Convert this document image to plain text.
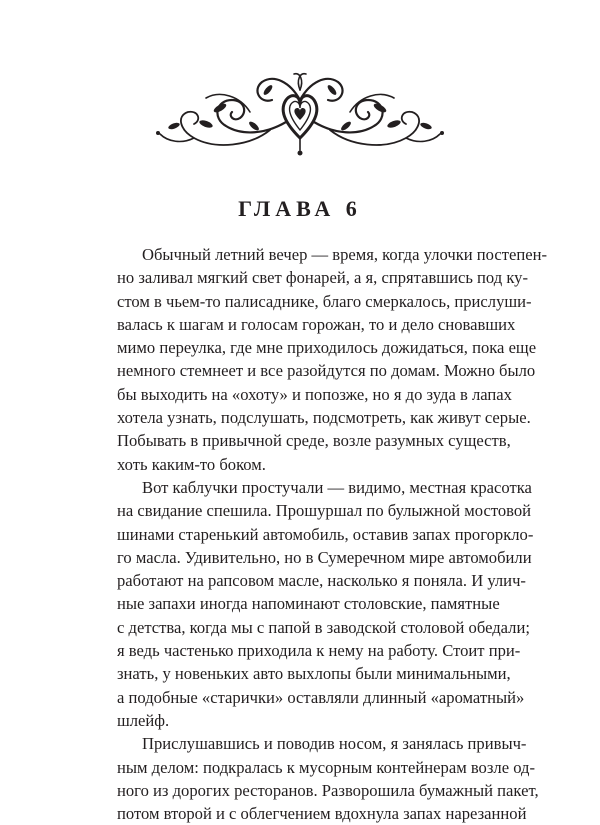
ГЛАВА 6
Обычный летний вечер — время, когда улочки постепен-
но заливал мягкий свет фонарей, а я, спрятавшись под ку-
стом в чьем-то палисаднике, благо смеркалось, прислуши-
валась к шагам и голосам горожан, то и дело сновавших
мимо переулка, где мне приходилось дожидаться, пока еще
немного стемнеет и все разойдутся по домам. Можно было
бы выходить на «охоту» и попозже, но я до зуда в лапах
хотела узнать, подслушать, подсмотреть, как живут серые.
Побывать в привычной среде, возле разумных существ,
хоть каким-то боком.
Вот каблучки простучали — видимо, местная красотка
на свидание спешила. Прошуршал по булыжной мостовой
шинами старенький автомобиль, оставив запах прогоркло-
го масла. Удивительно, но в Сумеречном мире автомобили
работают на рапсовом масле, насколько я поняла. И улич-
ные запахи иногда напоминают столовские, памятные
с детства, когда мы с папой в заводской столовой обедали;
я ведь частенько приходила к нему на работу. Стоит при-
знать, у новеньких авто выхлопы были минимальными,
а подобные «старички» оставляли длинный «ароматный»
шлейф.
Прислушавшись и поводив носом, я занялась привыч-
ным делом: подкралась к мусорным контейнерам возле од-
ного из дорогих ресторанов. Разворошила бумажный пакет,
потом второй и с облегчением вдохнула запах нарезанной
